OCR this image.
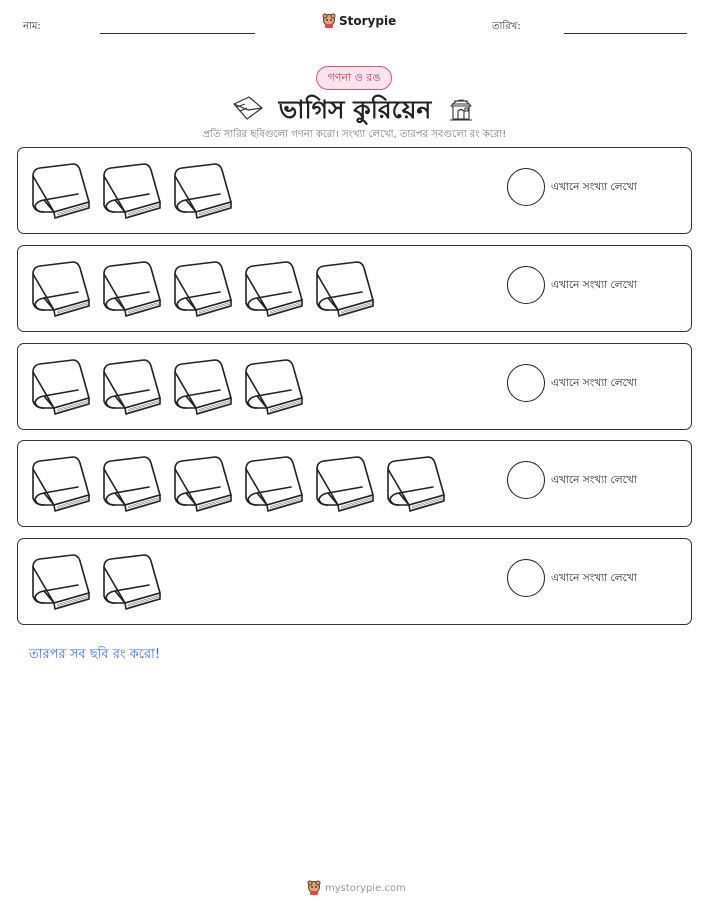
নাম:	Storypie	তারিখ:
গণনা ও রঙ
ভাগিস কুরিয়েন
প্রতি সারির ছবিগুলো গণনা করো। সংখ্যা লেখো, তারপর সবগুলো রং করো!
এখানে সংখ্যা লেখো
এখানে সংখ্যা লেখো
এখানে সংখ্যা লেখো
এখানে সংখ্যা লেখো
এখানে সংখ্যা লেখো
তারপর সব ছবি রং করো!
mystorypie.com
